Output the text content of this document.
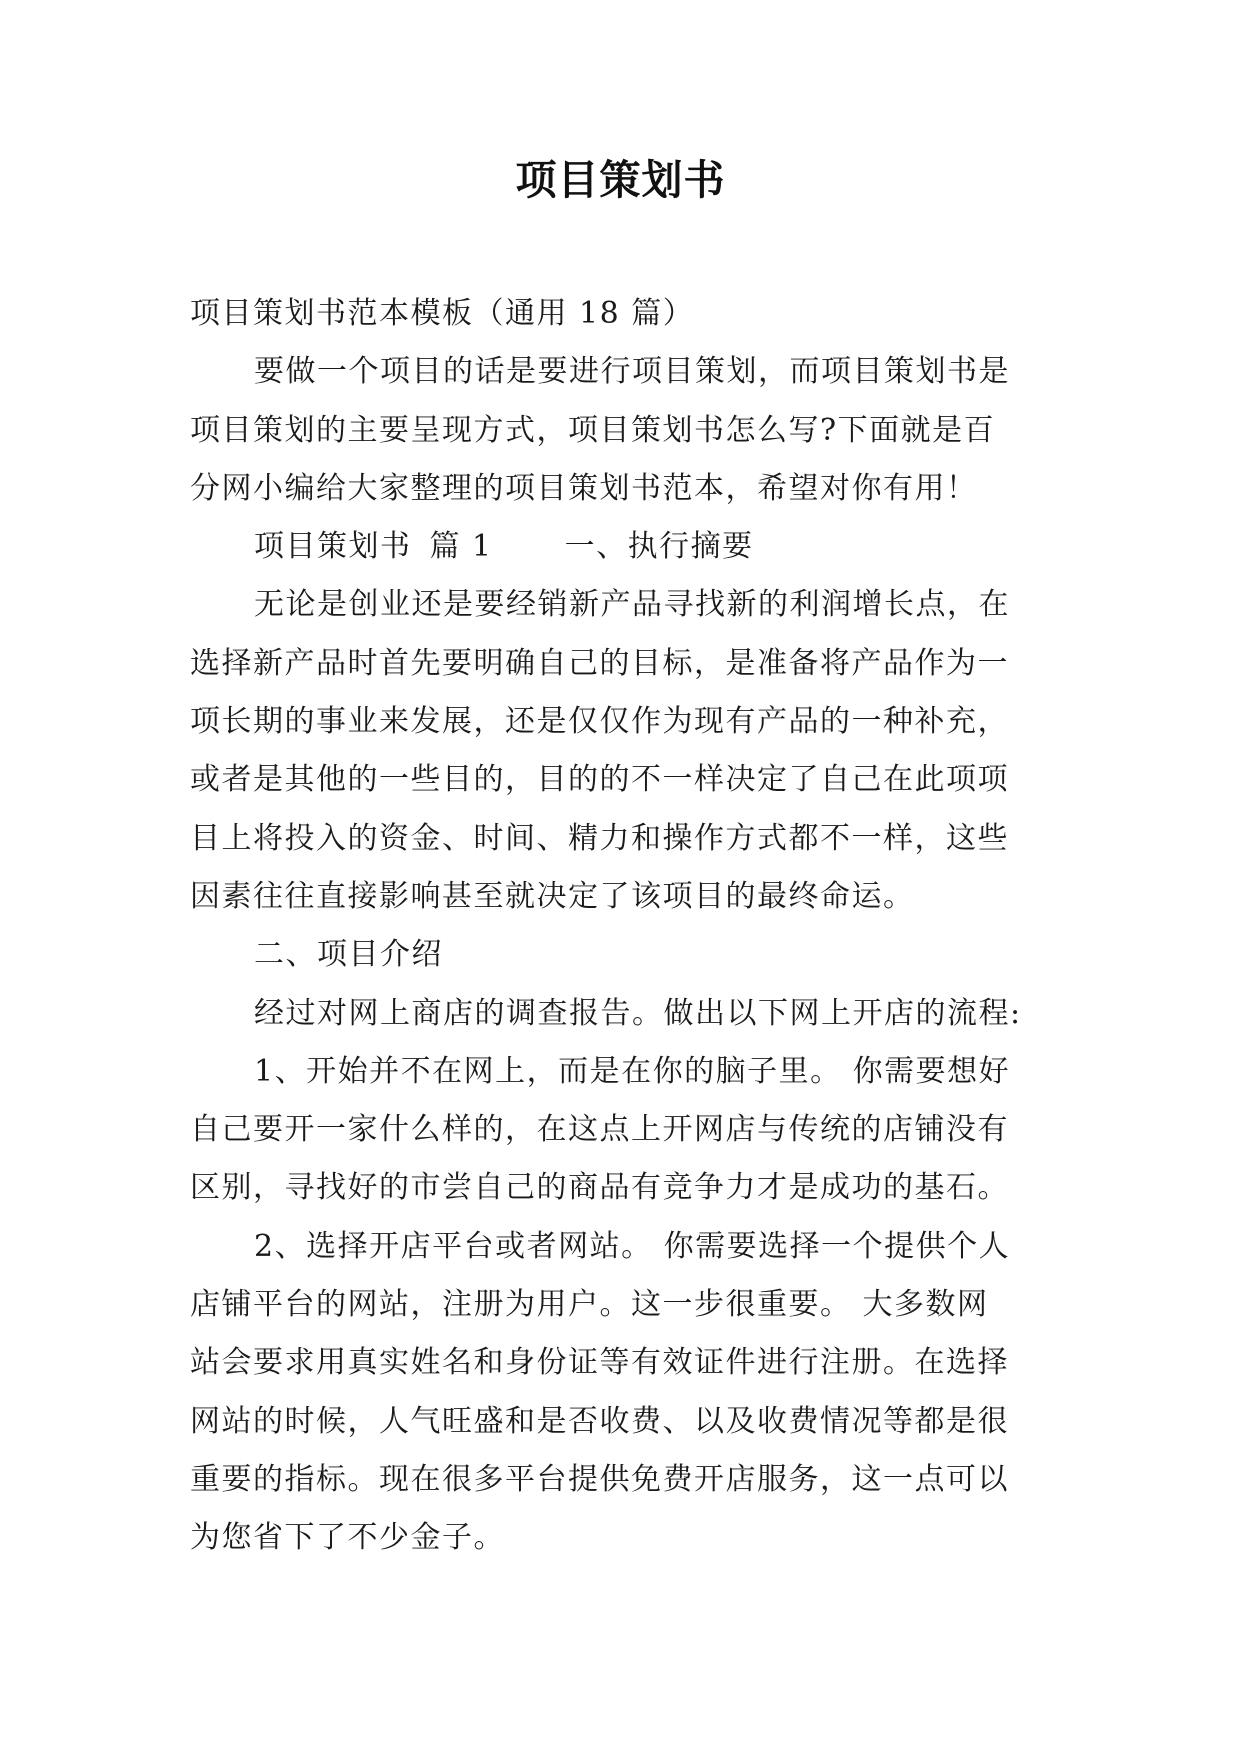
项目策划书

项目策划书范本模板（通用 18 篇）

要做一个项目的话是要进行项目策划，而项目策划书是

项目策划的主要呈现方式，项目策划书怎么写?下面就是百

分网小编给大家整理的项目策划书范本，希望对你有用！

项目策划书 篇 1 一、执行摘要

无论是创业还是要经销新产品寻找新的利润增长点，在

选择新产品时首先要明确自己的目标，是准备将产品作为一

项长期的事业来发展，还是仅仅作为现有产品的一种补充，

或者是其他的一些目的，目的的不一样决定了自己在此项项

目上将投入的资金、时间、精力和操作方式都不一样，这些

因素往往直接影响甚至就决定了该项目的最终命运。

二、项目介绍

经过对网上商店的调查报告。做出以下网上开店的流程:

1、开始并不在网上，而是在你的脑子里。 你需要想好

自己要开一家什么样的，在这点上开网店与传统的店铺没有

区别，寻找好的市尝自己的商品有竞争力才是成功的基石。

2、选择开店平台或者网站。 你需要选择一个提供个人

店铺平台的网站，注册为用户。这一步很重要。 大多数网

站会要求用真实姓名和身份证等有效证件进行注册。在选择

网站的时候，人气旺盛和是否收费、以及收费情况等都是很

重要的指标。现在很多平台提供免费开店服务，这一点可以

为您省下了不少金子。
